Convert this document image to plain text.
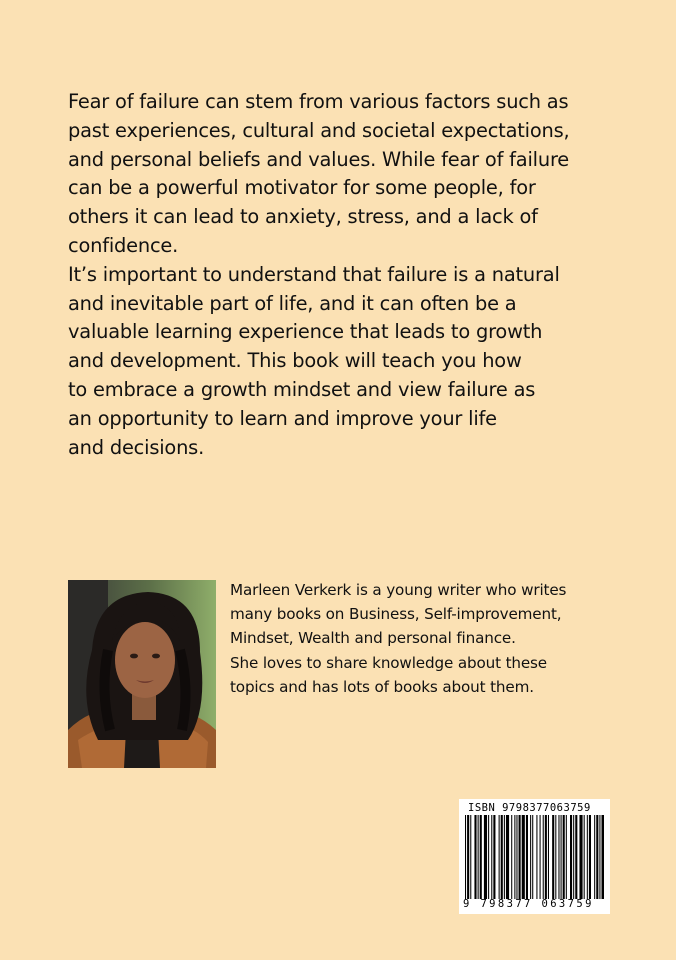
Fear of failure can stem from various factors such as
past experiences, cultural and societal expectations,
and personal beliefs and values. While fear of failure
can be a powerful motivator for some people, for
others it can lead to anxiety, stress, and a lack of
confidence.

It’s important to understand that failure is a natural
and inevitable part of life, and it can often be a
valuable learning experience that leads to growth
and development. This book will teach you how
to embrace a growth mindset and view failure as
an opportunity to learn and improve your life
and decisions.

Marleen Verkerk is a young writer who writes
many books on Business, Self-improvement,
Mindset, Wealth and personal finance.
She loves to share knowledge about these
topics and has lots of books about them.
ISBN 9798377063759
9 798377 063759
